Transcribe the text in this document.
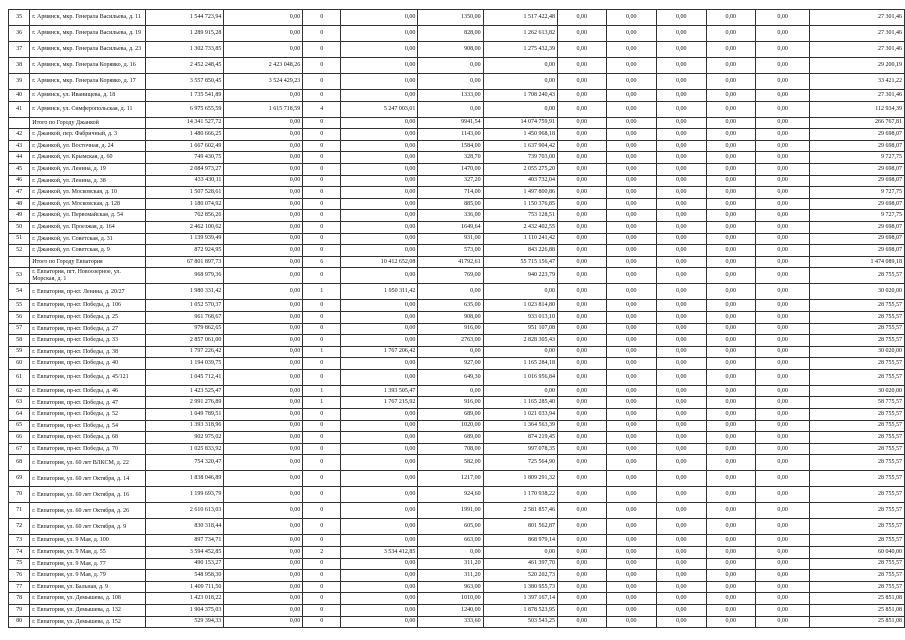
35	г. Армянск, мкр. Генерала Васильева, д. 11	1 544 723,94	0,00	0	0,00	1350,00	1 517 422,48	0,00	0,00	0,00	0,00	0,00	27 301,46
36	г. Армянск, мкр. Генерала Васильева, д. 19	1 289 915,28	0,00	0	0,00	828,00	1 262 613,82	0,00	0,00	0,00	0,00	0,00	27 301,46
37	г. Армянск, мкр. Генерала Васильева, д. 23	1 302 733,85	0,00	0	0,00	908,00	1 275 432,39	0,00	0,00	0,00	0,00	0,00	27 301,46
38	г. Армянск, мкр. Генерала Корявко, д. 16	2 452 248,45	2 423 048,26	0	0,00	0,00	0,00	0,00	0,00	0,00	0,00	0,00	29 200,19
39	г. Армянск, мкр. Генерала Корявко, д. 17	3 557 850,45	3 524 429,23	0	0,00	0,00	0,00	0,00	0,00	0,00	0,00	0,00	33 421,22
40	г. Армянск, ул. Иванищева, д. 18	1 735 541,89	0,00	0	0,00	1333,00	1 708 240,43	0,00	0,00	0,00	0,00	0,00	27 301,46
41	г. Армянск, ул. Симферопольская, д. 11	6 975 655,59	1 615 718,59	4	5 247 003,01	0,00	0,00	0,00	0,00	0,00	0,00	0,00	112 934,39
	Итого по Городу Джанкой	14 341 527,72	0,00	0	0,00	9941,54	14 074 759,91	0,00	0,00	0,00	0,00	0,00	266 767,81
42	г. Джанкой, пер. Фабричный, д. 3	1 480 666,25	0,00	0	0,00	1143,00	1 450 968,18	0,00	0,00	0,00	0,00	0,00	29 698,07
43	г. Джанкой, ул. Восточная, д. 24	1 667 602,49	0,00	0	0,00	1584,00	1 637 904,42	0,00	0,00	0,00	0,00	0,00	29 698,07
44	г. Джанкой, ул. Крымская, д. 60	749 430,75	0,00	0	0,00	328,70	739 703,00	0,00	0,00	0,00	0,00	0,00	9 727,75
45	г. Джанкой, ул. Ленина, д. 19	2 084 973,27	0,00	0	0,00	1470,00	2 055 275,20	0,00	0,00	0,00	0,00	0,00	29 698,07
46	г. Джанкой, ул. Ленина, д. 38	433 430,11	0,00	0	0,00	327,20	403 732,04	0,00	0,00	0,00	0,00	0,00	29 698,07
47	г. Джанкой, ул. Московская, д. 10	1 507 528,61	0,00	0	0,00	714,00	1 497 800,86	0,00	0,00	0,00	0,00	0,00	9 727,75
48	г. Джанкой, ул. Московская, д. 128	1 180 074,92	0,00	0	0,00	885,00	1 150 376,85	0,00	0,00	0,00	0,00	0,00	29 698,07
49	г. Джанкой, ул. Первомайская, д. 54	762 856,26	0,00	0	0,00	336,00	753 128,51	0,00	0,00	0,00	0,00	0,00	9 727,75
50	г. Джанкой, ул. Проезжая, д. 164	2 462 100,62	0,00	0	0,00	1649,64	2 432 402,55	0,00	0,00	0,00	0,00	0,00	29 698,07
51	г. Джанкой, ул. Советская, д. 31	1 139 939,49	0,00	0	0,00	931,00	1 110 241,42	0,00	0,00	0,00	0,00	0,00	29 698,07
52	г. Джанкой, ул. Советская, д. 9	872 924,95	0,00	0	0,00	573,00	843 226,88	0,00	0,00	0,00	0,00	0,00	29 698,07
	Итого по Городу Евпатория	67 801 897,73	0,00	6	10 412 652,08	41792,61	55 715 156,47	0,00	0,00	0,00	0,00	0,00	1 474 089,18
53	г. Евпатория, пгт. Новоозерное, ул. Морская, д. 1	968 979,36	0,00	0	0,00	769,00	940 223,79	0,00	0,00	0,00	0,00	0,00	28 755,57
54	г. Евпатория, пр-кт. Ленина, д. 20/27	1 980 331,42	0,00	1	1 950 311,42	0,00	0,00	0,00	0,00	0,00	0,00	0,00	30 020,00
55	г. Евпатория, пр-кт. Победы, д. 106	1 052 570,37	0,00	0	0,00	635,00	1 023 814,80	0,00	0,00	0,00	0,00	0,00	28 755,57
56	г. Евпатория, пр-кт. Победы, д. 25	961 768,67	0,00	0	0,00	908,00	933 013,10	0,00	0,00	0,00	0,00	0,00	28 755,57
57	г. Евпатория, пр-кт. Победы, д. 27	979 862,65	0,00	0	0,00	916,00	951 107,08	0,00	0,00	0,00	0,00	0,00	28 755,57
58	г. Евпатория, пр-кт. Победы, д. 33	2 857 061,00	0,00	0	0,00	2763,00	2 828 305,43	0,00	0,00	0,00	0,00	0,00	28 755,57
59	г. Евпатория, пр-кт. Победы, д. 38	1 797 226,42	0,00	1	1 767 206,42	0,00	0,00	0,00	0,00	0,00	0,00	0,00	30 020,00
60	г. Евпатория, пр-кт. Победы, д. 40	1 194 039,75	0,00	0	0,00	927,00	1 165 284,18	0,00	0,00	0,00	0,00	0,00	28 755,57
61	г. Евпатория, пр-кт. Победы, д. 45/121	1 045 712,41	0,00	0	0,00	649,30	1 016 956,84	0,00	0,00	0,00	0,00	0,00	28 755,57
62	г. Евпатория, пр-кт. Победы, д. 46	1 423 525,47	0,00	1	1 393 505,47	0,00	0,00	0,00	0,00	0,00	0,00	0,00	30 020,00
63	г. Евпатория, пр-кт. Победы, д. 47	2 991 276,89	0,00	1	1 767 215,92	916,00	1 165 285,40	0,00	0,00	0,00	0,00	0,00	58 775,57
64	г. Евпатория, пр-кт. Победы, д. 52	1 049 789,51	0,00	0	0,00	689,00	1 021 033,94	0,00	0,00	0,00	0,00	0,00	28 755,57
65	г. Евпатория, пр-кт. Победы, д. 54	1 393 318,96	0,00	0	0,00	1020,00	1 364 563,39	0,00	0,00	0,00	0,00	0,00	28 755,57
66	г. Евпатория, пр-кт. Победы, д. 68	902 975,02	0,00	0	0,00	689,00	874 219,45	0,00	0,00	0,00	0,00	0,00	28 755,57
67	г. Евпатория, пр-кт. Победы, д. 70	1 025 833,92	0,00	0	0,00	708,00	997 078,35	0,00	0,00	0,00	0,00	0,00	28 755,57
68	г. Евпатория, ул. 60 лет ВЛКСМ, д. 22	754 320,47	0,00	0	0,00	582,00	725 564,90	0,00	0,00	0,00	0,00	0,00	28 755,57
69	г. Евпатория, ул. 60 лет Октября, д. 14	1 838 046,89	0,00	0	0,00	1217,00	1 809 291,32	0,00	0,00	0,00	0,00	0,00	28 755,57
70	г. Евпатория, ул. 60 лет Октября, д. 16	1 199 693,79	0,00	0	0,00	924,60	1 170 938,22	0,00	0,00	0,00	0,00	0,00	28 755,57
71	г. Евпатория, ул. 60 лет Октября, д. 26	2 610 613,03	0,00	0	0,00	1991,00	2 581 857,46	0,00	0,00	0,00	0,00	0,00	28 755,57
72	г. Евпатория, ул. 60 лет Октября, д. 9	830 318,44	0,00	0	0,00	605,00	801 562,87	0,00	0,00	0,00	0,00	0,00	28 755,57
73	г. Евпатория, ул. 9 Мая, д. 100	897 734,71	0,00	0	0,00	663,00	868 979,14	0,00	0,00	0,00	0,00	0,00	28 755,57
74	г. Евпатория, ул. 9 Мая, д. 55	3 594 452,85	0,00	2	3 534 412,85	0,00	0,00	0,00	0,00	0,00	0,00	0,00	60 040,00
75	г. Евпатория, ул. 9 Мая, д. 77	490 153,27	0,00	0	0,00	311,20	461 397,70	0,00	0,00	0,00	0,00	0,00	28 755,57
76	г. Евпатория, ул. 9 Мая, д. 79	548 958,30	0,00	0	0,00	311,20	520 202,73	0,00	0,00	0,00	0,00	0,00	28 755,57
77	г. Евпатория, ул. Бальная, д. 9	1 409 711,50	0,00	0	0,00	963,00	1 380 955,73	0,00	0,00	0,00	0,00	0,00	28 755,57
78	г. Евпатория, ул. Демышева, д. 108	1 423 018,22	0,00	0	0,00	1010,00	1 397 167,14	0,00	0,00	0,00	0,00	0,00	25 851,08
79	г. Евпатория, ул. Демышева, д. 132	1 904 375,03	0,00	0	0,00	1240,00	1 878 523,95	0,00	0,00	0,00	0,00	0,00	25 851,08
80	г. Евпатория, ул. Демышева, д. 152	529 394,33	0,00	0	0,00	333,60	503 543,25	0,00	0,00	0,00	0,00	0,00	25 851,08
